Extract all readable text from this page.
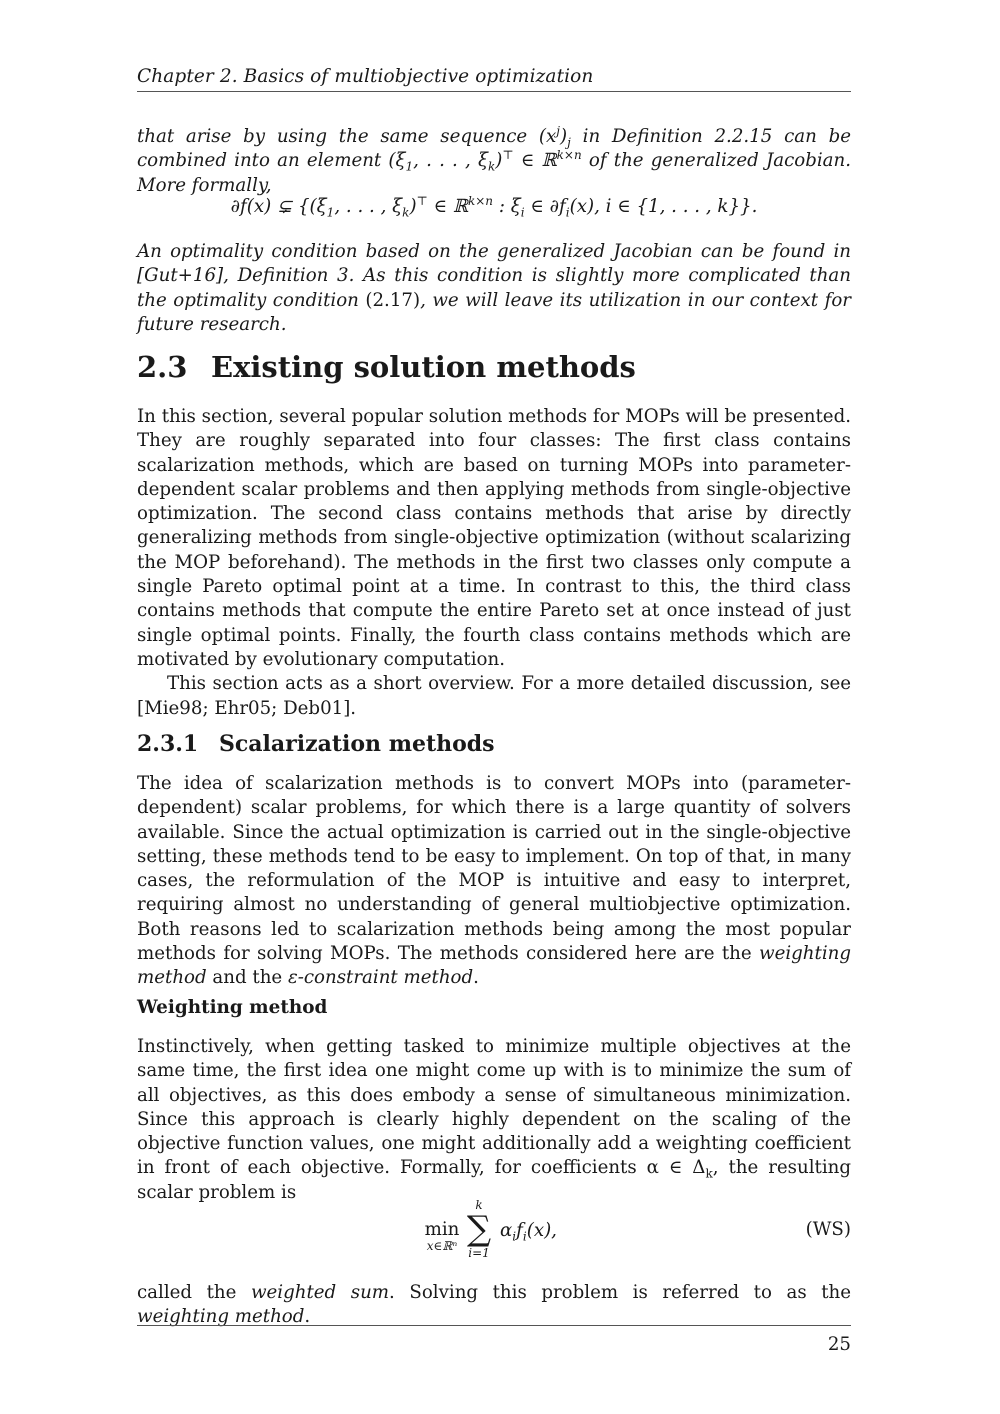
Chapter 2. Basics of multiobjective optimization

that arise by using the same sequence $(x^j)_j$ in Definition 2.2.15 can be combined into an element ($\xi_1$, . . . , $\xi_k)^⊤$ ∈ ℝ$^{k\times n}$ of the generalized Jacobian. More formally,

∂f(x) ⊊ {($\xi_1$, . . . , $\xi_k)^⊤$ ∈ ℝ$^{k\times n}$ : $\xi_i$ ∈ $\partial f_i(x)$, i ∈ {1, . . . , k}}.

An optimality condition based on the generalized Jacobian can be found in [Gut+16], Definition 3. As this condition is slightly more complicated than the optimality condition (2.17), we will leave its utilization in our context for future research.

2.3 Existing solution methods

In this section, several popular solution methods for MOPs will be presented. They are roughly separated into four classes: The first class contains scalarization methods, which are based on turning MOPs into parameter-dependent scalar problems and then applying methods from single-objective optimization. The second class contains methods that arise by directly generalizing methods from single-objective optimization (without scalarizing the MOP beforehand). The methods in the first two classes only compute a single Pareto optimal point at a time. In contrast to this, the third class contains methods that compute the entire Pareto set at once instead of just single optimal points. Finally, the fourth class contains methods which are motivated by evolutionary computation.

This section acts as a short overview. For a more detailed discussion, see [Mie98; Ehr05; Deb01].

2.3.1 Scalarization methods

The idea of scalarization methods is to convert MOPs into (parameter-dependent) scalar problems, for which there is a large quantity of solvers available. Since the actual optimization is carried out in the single-objective setting, these methods tend to be easy to implement. On top of that, in many cases, the reformulation of the MOP is intuitive and easy to interpret, requiring almost no understanding of general multiobjective optimization. Both reasons led to scalarization methods being among the most popular methods for solving MOPs. The methods considered here are the weighting method and the ε-constraint method.

Weighting method

Instinctively, when getting tasked to minimize multiple objectives at the same time, the first idea one might come up with is to minimize the sum of all objectives, as this does embody a sense of simultaneous minimization. Since this approach is clearly highly dependent on the scaling of the objective function values, one might additionally add a weighting coefficient in front of each objective. Formally, for coefficients α ∈ $\Delta_k$, the resulting scalar problem is

min
x∈ℝⁿ
k
∑
i=1
$\alpha_if_i(x)$,	(WS)

called the weighted sum. Solving this problem is referred to as the weighting method.

25
